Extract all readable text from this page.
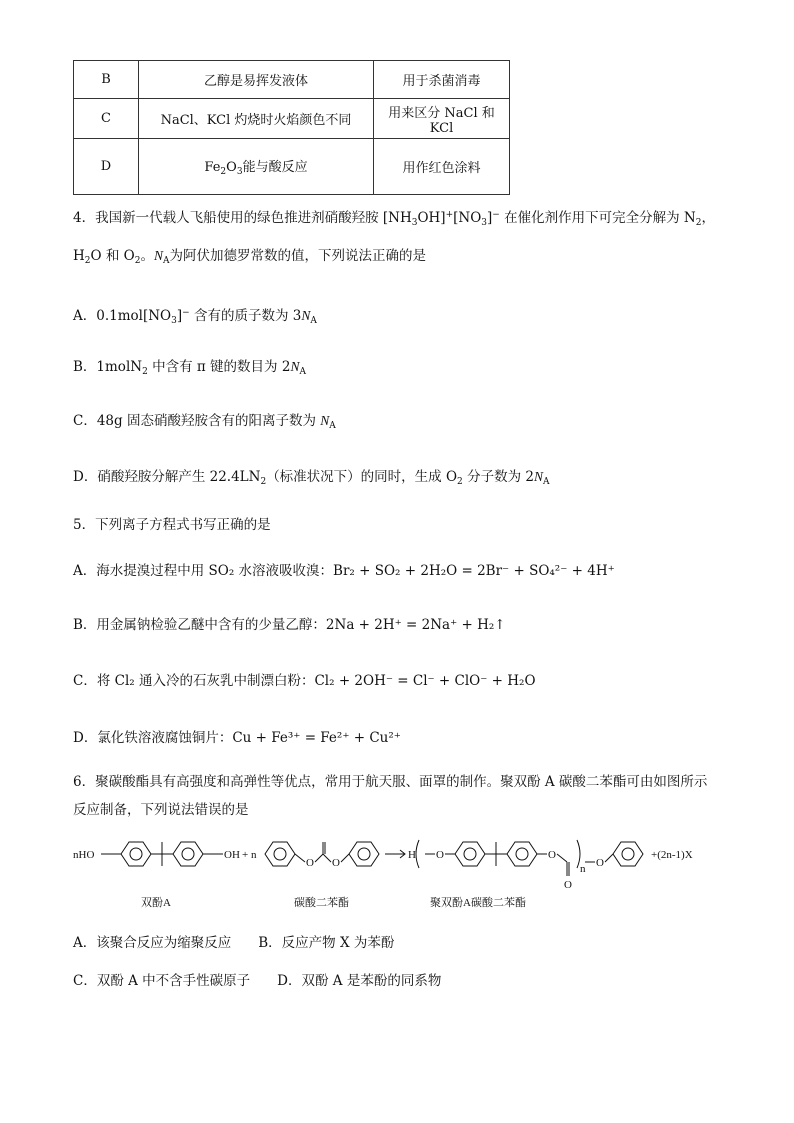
B	乙醇是易挥发液体	用于杀菌消毒
C	NaCl、KCl 灼烧时火焰颜色不同	用来区分 NaCl 和 KCl
D	$Fe_2O_3$能与酸反应	用作红色涂料
4．我国新一代载人飞船使用的绿色推进剂硝酸羟胺 $[NH_3OH]^+[NO_3]^-$ 在催化剂作用下可完全分解为 $N_2$，
$H_2O$ 和 $O_2$。$N_A$为阿伏加德罗常数的值，下列说法正确的是
A．$0.1mol[NO_3]^-$ 含有的质子数为 $3N_A$
B．1molN$_2$ 中含有 π 键的数目为 $2N_A$
C．48g 固态硝酸羟胺含有的阳离子数为 $N_A$
D．硝酸羟胺分解产生 $22.4LN_2$（标准状况下）的同时，生成 $O_2$ 分子数为 $2N_A$
5．下列离子方程式书写正确的是
A．海水提溴过程中用 SO₂ 水溶液吸收溴：Br₂ + SO₂ + 2H₂O = 2Br⁻ + SO₄²⁻ + 4H⁺
B．用金属钠检验乙醚中含有的少量乙醇：2Na + 2H⁺ = 2Na⁺ + H₂↑
C．将 Cl₂ 通入冷的石灰乳中制漂白粉：Cl₂ + 2OH⁻ = Cl⁻ + ClO⁻ + H₂O
D．氯化铁溶液腐蚀铜片：Cu + Fe³⁺ = Fe²⁺ + Cu²⁺
6．聚碳酸酯具有高强度和高弹性等优点，常用于航天服、面罩的制作。聚双酚 A 碳酸二苯酯可由如图所示
反应制备，下列说法错误的是
nHO	OH + n
O O
H O	O
O
n O
+(2n-1)X
双酚A	碳酸二苯酯	聚双酚A碳酸二苯酯
A．该聚合反应为缩聚反应　　B．反应产物 X 为苯酚
C．双酚 A 中不含手性碳原子　　D．双酚 A 是苯酚的同系物
